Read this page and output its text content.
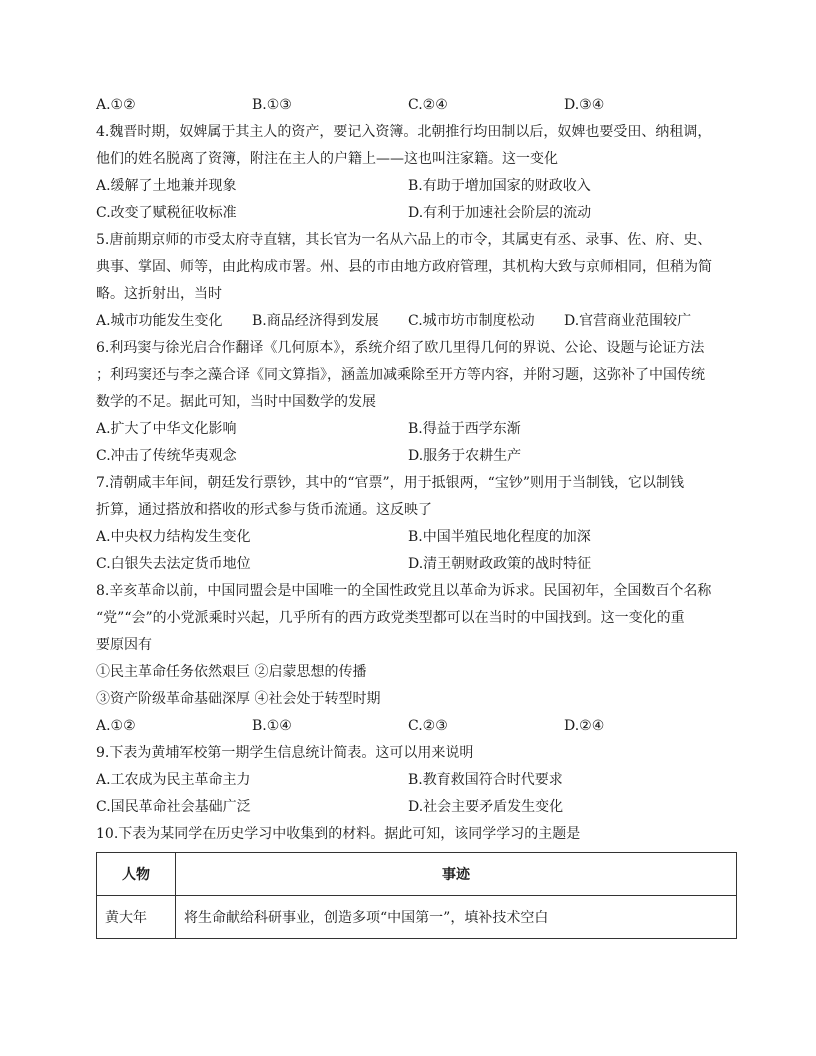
A.①②	B.①③	C.②④	D.③④
4.魏晋时期，奴婢属于其主人的资产，要记入资簿。北朝推行均田制以后，奴婢也要受田、纳租调，
他们的姓名脱离了资簿，附注在主人的户籍上——这也叫注家籍。这一变化
A.缓解了土地兼并现象	B.有助于增加国家的财政收入
C.改变了赋税征收标准	D.有利于加速社会阶层的流动
5.唐前期京师的市受太府寺直辖，其长官为一名从六品上的市令，其属吏有丞、录事、佐、府、史、
典事、掌固、师等，由此构成市署。州、县的市由地方政府管理，其机构大致与京师相同，但稍为简
略。这折射出，当时
A.城市功能发生变化	B.商品经济得到发展	C.城市坊市制度松动	D.官营商业范围较广
6.利玛窦与徐光启合作翻译《几何原本》，系统介绍了欧几里得几何的界说、公论、设题与论证方法
；利玛窦还与李之藻合译《同文算指》，涵盖加减乘除至开方等内容，并附习题，这弥补了中国传统
数学的不足。据此可知，当时中国数学的发展
A.扩大了中华文化影响	B.得益于西学东渐
C.冲击了传统华夷观念	D.服务于农耕生产
7.清朝咸丰年间，朝廷发行票钞，其中的“官票”，用于抵银两，“宝钞”则用于当制钱，它以制钱
折算，通过搭放和搭收的形式参与货币流通。这反映了
A.中央权力结构发生变化	B.中国半殖民地化程度的加深
C.白银失去法定货币地位	D.清王朝财政政策的战时特征
8.辛亥革命以前，中国同盟会是中国唯一的全国性政党且以革命为诉求。民国初年，全国数百个名称
“党”“会”的小党派乘时兴起，几乎所有的西方政党类型都可以在当时的中国找到。这一变化的重
要原因有
①民主革命任务依然艰巨 ②启蒙思想的传播
③资产阶级革命基础深厚 ④社会处于转型时期
A.①②	B.①④	C.②③	D.②④
9.下表为黄埔军校第一期学生信息统计简表。这可以用来说明
A.工农成为民主革命主力	B.教育救国符合时代要求
C.国民革命社会基础广泛	D.社会主要矛盾发生变化
10.下表为某同学在历史学习中收集到的材料。据此可知，该同学学习的主题是
人物	事迹
黄大年	将生命献给科研事业，创造多项“中国第一”，填补技术空白
